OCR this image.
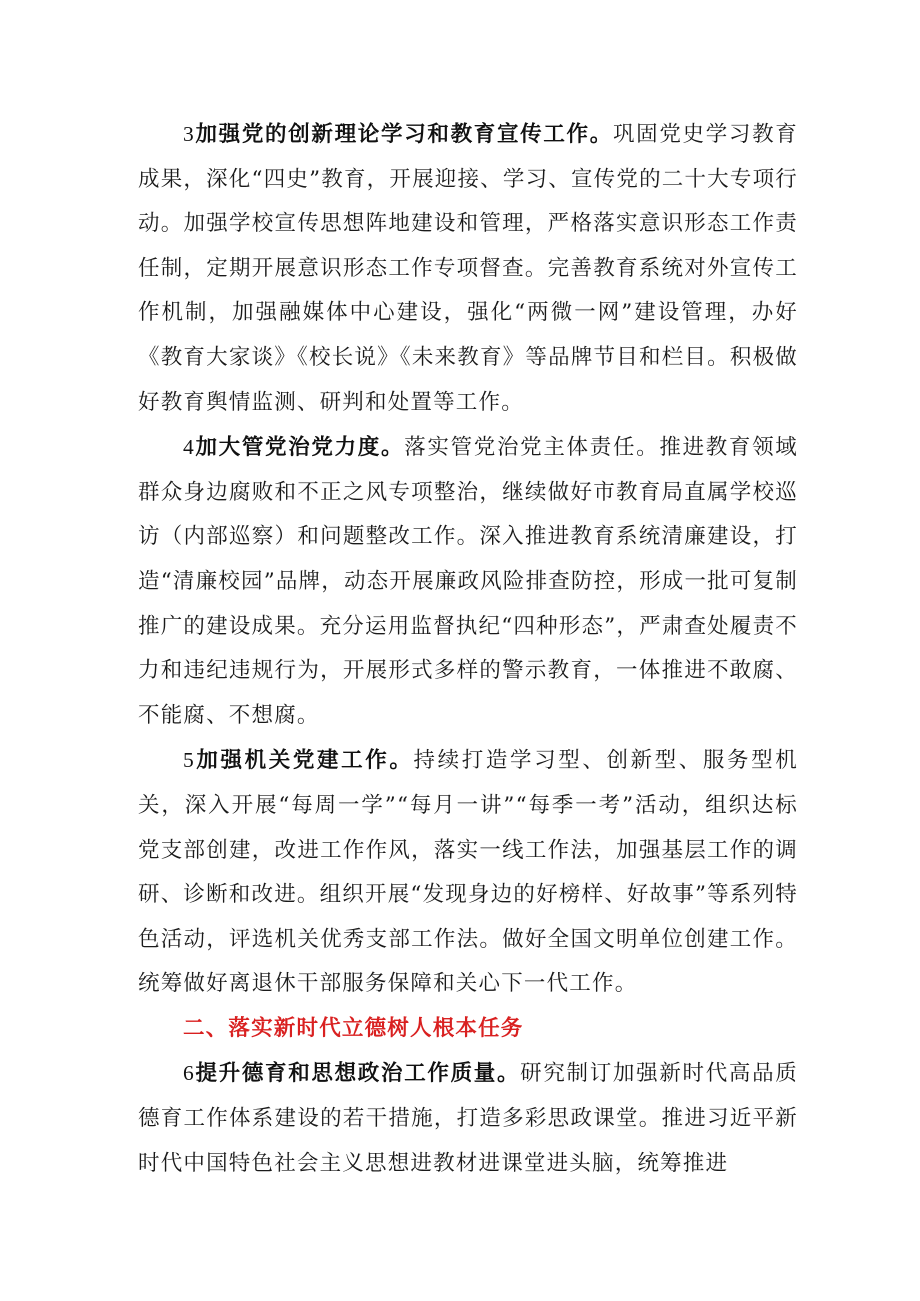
3加强党的创新理论学习和教育宣传工作。巩固党史学习教育成果，深化“四史”教育，开展迎接、学习、宣传党的二十大专项行动。加强学校宣传思想阵地建设和管理，严格落实意识形态工作责任制，定期开展意识形态工作专项督查。完善教育系统对外宣传工作机制，加强融媒体中心建设，强化“两微一网”建设管理，办好《教育大家谈》《校长说》《未来教育》等品牌节目和栏目。积极做好教育舆情监测、研判和处置等工作。

4加大管党治党力度。落实管党治党主体责任。推进教育领域群众身边腐败和不正之风专项整治，继续做好市教育局直属学校巡访（内部巡察）和问题整改工作。深入推进教育系统清廉建设，打造“清廉校园”品牌，动态开展廉政风险排查防控，形成一批可复制推广的建设成果。充分运用监督执纪“四种形态”，严肃查处履责不力和违纪违规行为，开展形式多样的警示教育，一体推进不敢腐、不能腐、不想腐。

5加强机关党建工作。持续打造学习型、创新型、服务型机关，深入开展“每周一学”“每月一讲”“每季一考”活动，组织达标党支部创建，改进工作作风，落实一线工作法，加强基层工作的调研、诊断和改进。组织开展“发现身边的好榜样、好故事”等系列特色活动，评选机关优秀支部工作法。做好全国文明单位创建工作。统筹做好离退休干部服务保障和关心下一代工作。

二、落实新时代立德树人根本任务

6提升德育和思想政治工作质量。研究制订加强新时代高品质德育工作体系建设的若干措施，打造多彩思政课堂。推进习近平新时代中国特色社会主义思想进教材进课堂进头脑，统筹推进
